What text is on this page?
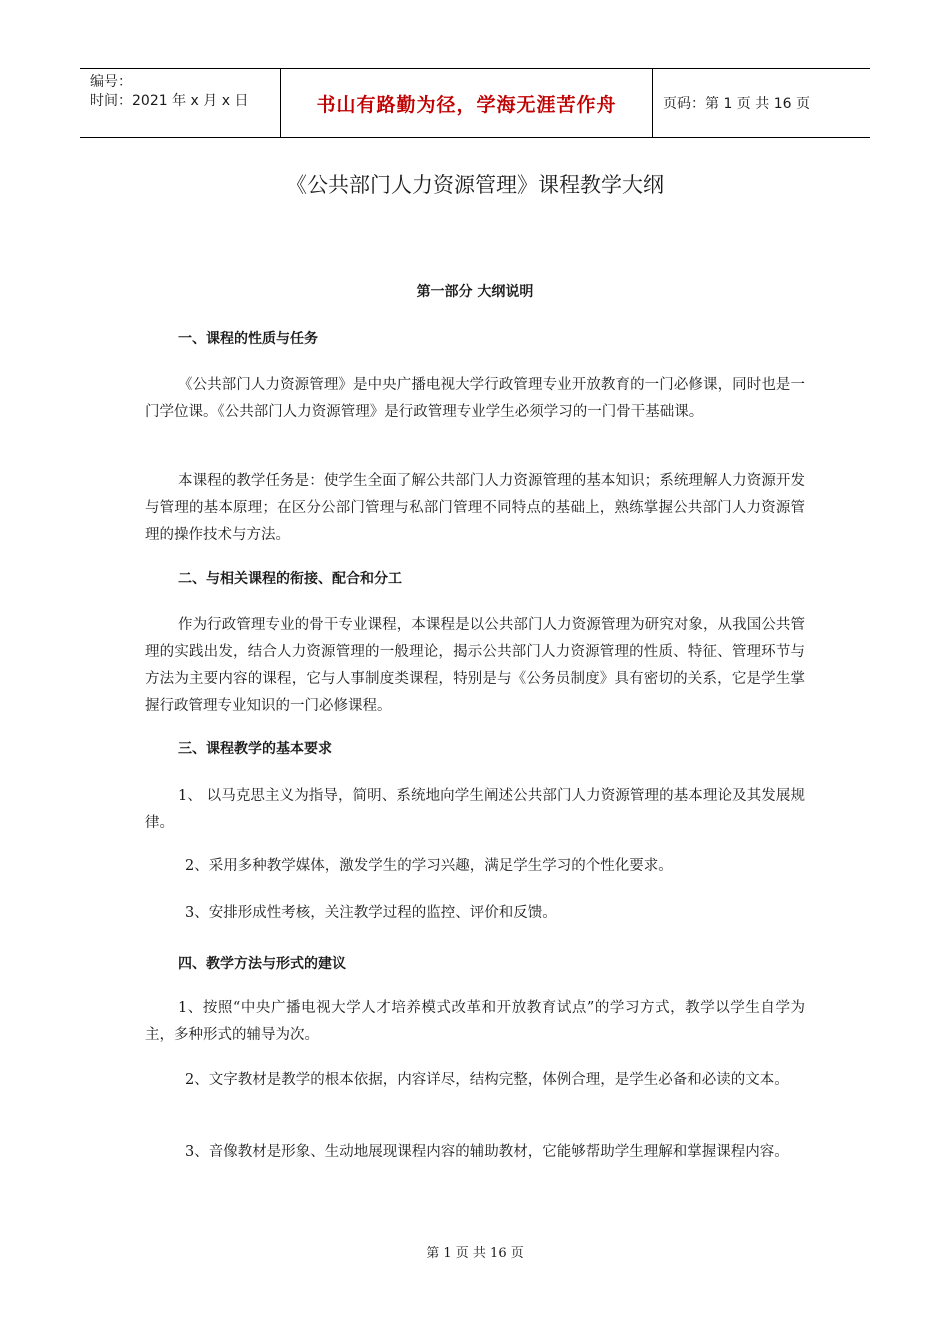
编号：
时间：2021 年 x 月 x 日	书山有路勤为径，学海无涯苦作舟	页码：第 1 页 共 16 页
《公共部门人力资源管理》课程教学大纲
第一部分 大纲说明
一、课程的性质与任务
《公共部门人力资源管理》是中央广播电视大学行政管理专业开放教育的一门必修课，同时也是一门学位课。《公共部门人力资源管理》是行政管理专业学生必须学习的一门骨干基础课。
本课程的教学任务是：使学生全面了解公共部门人力资源管理的基本知识；系统理解人力资源开发与管理的基本原理；在区分公部门管理与私部门管理不同特点的基础上，熟练掌握公共部门人力资源管理的操作技术与方法。
二、与相关课程的衔接、配合和分工
作为行政管理专业的骨干专业课程，本课程是以公共部门人力资源管理为研究对象，从我国公共管理的实践出发，结合人力资源管理的一般理论，揭示公共部门人力资源管理的性质、特征、管理环节与方法为主要内容的课程，它与人事制度类课程，特别是与《公务员制度》具有密切的关系，它是学生掌握行政管理专业知识的一门必修课程。
三、课程教学的基本要求
1、 以马克思主义为指导，简明、系统地向学生阐述公共部门人力资源管理的基本理论及其发展规律。
2、采用多种教学媒体，激发学生的学习兴趣，满足学生学习的个性化要求。
3、安排形成性考核，关注教学过程的监控、评价和反馈。
四、教学方法与形式的建议
1、按照“中央广播电视大学人才培养模式改革和开放教育试点”的学习方式，教学以学生自学为主，多种形式的辅导为次。
2、文字教材是教学的根本依据，内容详尽，结构完整，体例合理，是学生必备和必读的文本。
3、音像教材是形象、生动地展现课程内容的辅助教材，它能够帮助学生理解和掌握课程内容。
第 1 页 共 16 页
